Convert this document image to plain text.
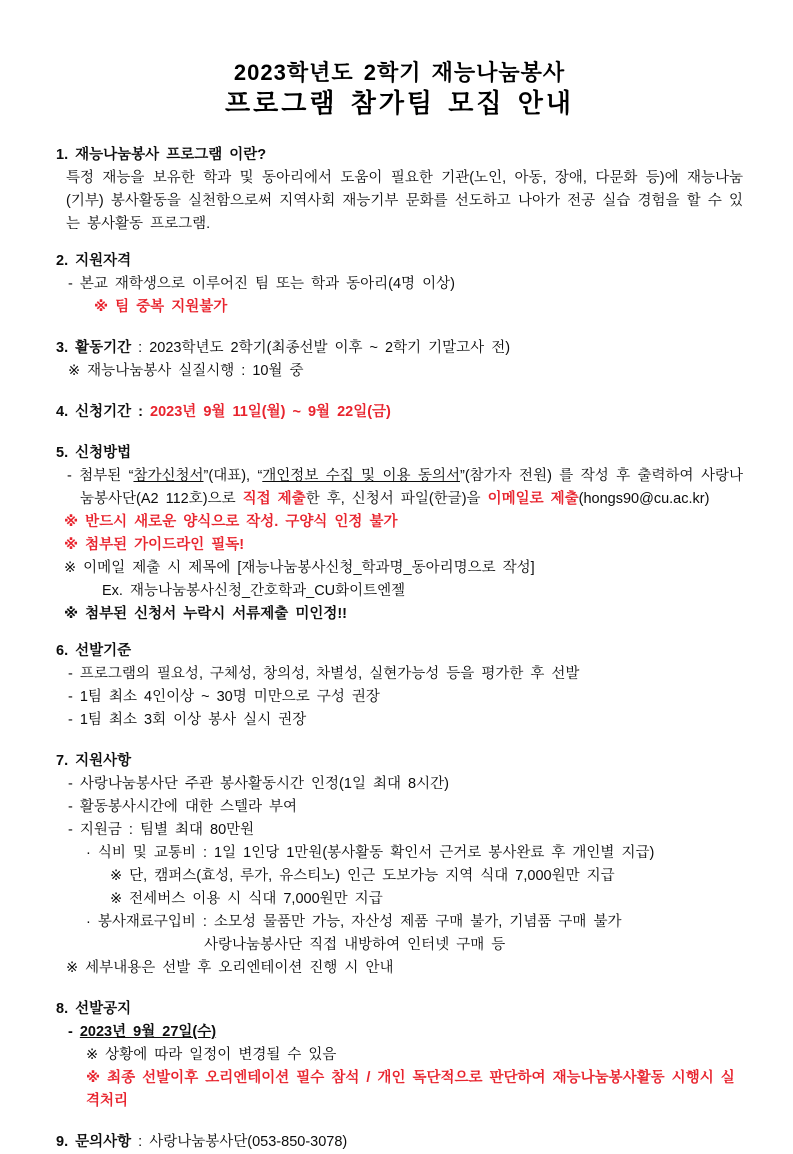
2023학년도 2학기 재능나눔봉사
프로그램 참가팀 모집 안내
1. 재능나눔봉사 프로그램 이란?
특정 재능을 보유한 학과 및 동아리에서 도움이 필요한 기관(노인, 아동, 장애, 다문화 등)에 재능나눔(기부) 봉사활동을 실천함으로써 지역사회 재능기부 문화를 선도하고 나아가 전공 실습 경험을 할 수 있는 봉사활동 프로그램.
2. 지원자격
- 본교 재학생으로 이루어진 팀 또는 학과 동아리(4명 이상)
※ 팀 중복 지원불가
3. 활동기간 : 2023학년도 2학기(최종선발 이후 ~ 2학기 기말고사 전)
※ 재능나눔봉사 실질시행 : 10월 중
4. 신청기간 : 2023년 9월 11일(월) ~ 9월 22일(금)
5. 신청방법
- 첨부된 “참가신청서”(대표), “개인정보 수집 및 이용 동의서”(참가자 전원) 를 작성 후 출력하여 사랑나눔봉사단(A2 112호)으로 직접 제출한 후, 신청서 파일(한글)을 이메일로 제출(hongs90@cu.ac.kr)
※ 반드시 새로운 양식으로 작성. 구양식 인정 불가
※ 첨부된 가이드라인 필독!
※ 이메일 제출 시 제목에 [재능나눔봉사신청_학과명_동아리명으로 작성]
Ex. 재능나눔봉사신청_간호학과_CU화이트엔젤
※ 첨부된 신청서 누락시 서류제출 미인정!!
6. 선발기준
- 프로그램의 필요성, 구체성, 창의성, 차별성, 실현가능성 등을 평가한 후 선발
- 1팀 최소 4인이상 ~ 30명 미만으로 구성 권장
- 1팀 최소 3회 이상 봉사 실시 권장
7. 지원사항
- 사랑나눔봉사단 주관 봉사활동시간 인정(1일 최대 8시간)
- 활동봉사시간에 대한 스텔라 부여
- 지원금 : 팀별 최대 80만원
· 식비 및 교통비 : 1일 1인당 1만원(봉사활동 확인서 근거로 봉사완료 후 개인별 지급)
※ 단, 캠퍼스(효성, 루가, 유스티노) 인근 도보가능 지역 식대 7,000원만 지급
※ 전세버스 이용 시 식대 7,000원만 지급
· 봉사재료구입비 : 소모성 물품만 가능, 자산성 제품 구매 불가, 기념품 구매 불가
사랑나눔봉사단 직접 내방하여 인터넷 구매 등
※ 세부내용은 선발 후 오리엔테이션 진행 시 안내
8. 선발공지
- 2023년 9월 27일(수)
※ 상황에 따라 일정이 변경될 수 있음
※ 최종 선발이후 오리엔테이션 필수 참석 / 개인 독단적으로 판단하여 재능나눔봉사활동 시행시 실격처리
9. 문의사항 : 사랑나눔봉사단(053-850-3078)
